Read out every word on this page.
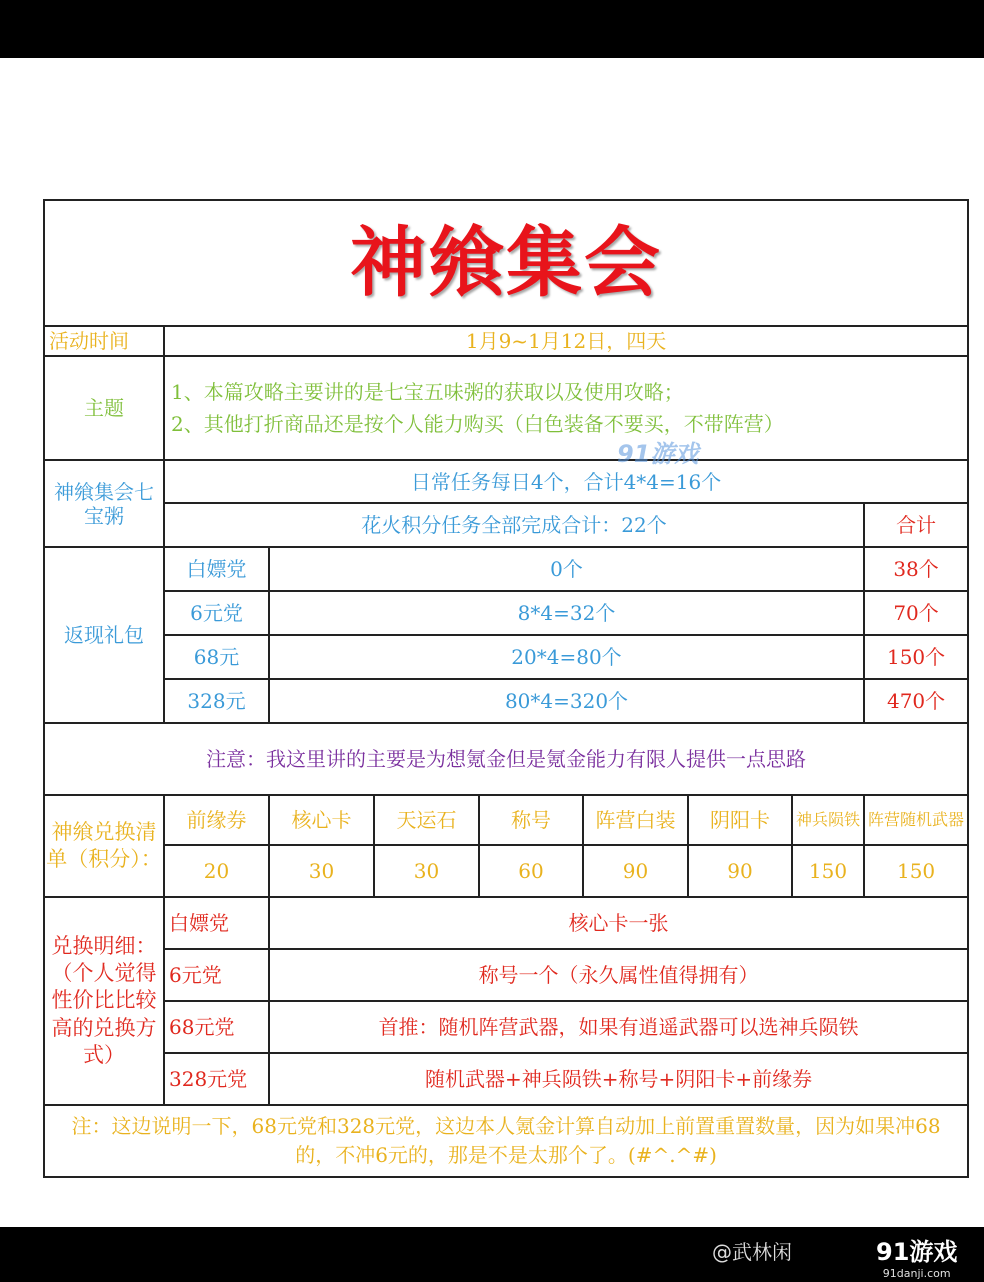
神飨集会								
活动时间	1月9~1月12日，四天							
主题	1、本篇攻略主要讲的是七宝五味粥的获取以及使用攻略；
2、其他打折商品还是按个人能力购买（白色装备不要买，不带阵营）							

神飨集会七宝粥	日常任务每日4个，合计4*4=16个							
	花火积分任务全部完成合计：22个							合计
返现礼包	白嫖党	0个						38个
	6元党	8*4=32个						70个
	68元	20*4=80个						150个
	328元	80*4=320个						470个
注意：我这里讲的主要是为想氪金但是氪金能力有限人提供一点思路								
神飨兑换清单（积分）：	前缘券	核心卡	天运石	称号	阵营白装	阴阳卡	神兵陨铁	阵营随机武器
	20	30	30	60	90	90	150	150
兑换明细：（个人觉得性价比比较高的兑换方式）	白嫖党	核心卡一张						
	6元党	称号一个（永久属性值得拥有）						
	68元党	首推：随机阵营武器，如果有逍遥武器可以选神兵陨铁						
	328元党	随机武器+神兵陨铁+称号+阴阳卡+前缘券						
注：这边说明一下，68元党和328元党，这边本人氪金计算自动加上前置重置数量，因为如果冲68的，不冲6元的，那是不是太那个了。(#^.^#)								
91游戏
@武林闲	91游戏
91danji.com
